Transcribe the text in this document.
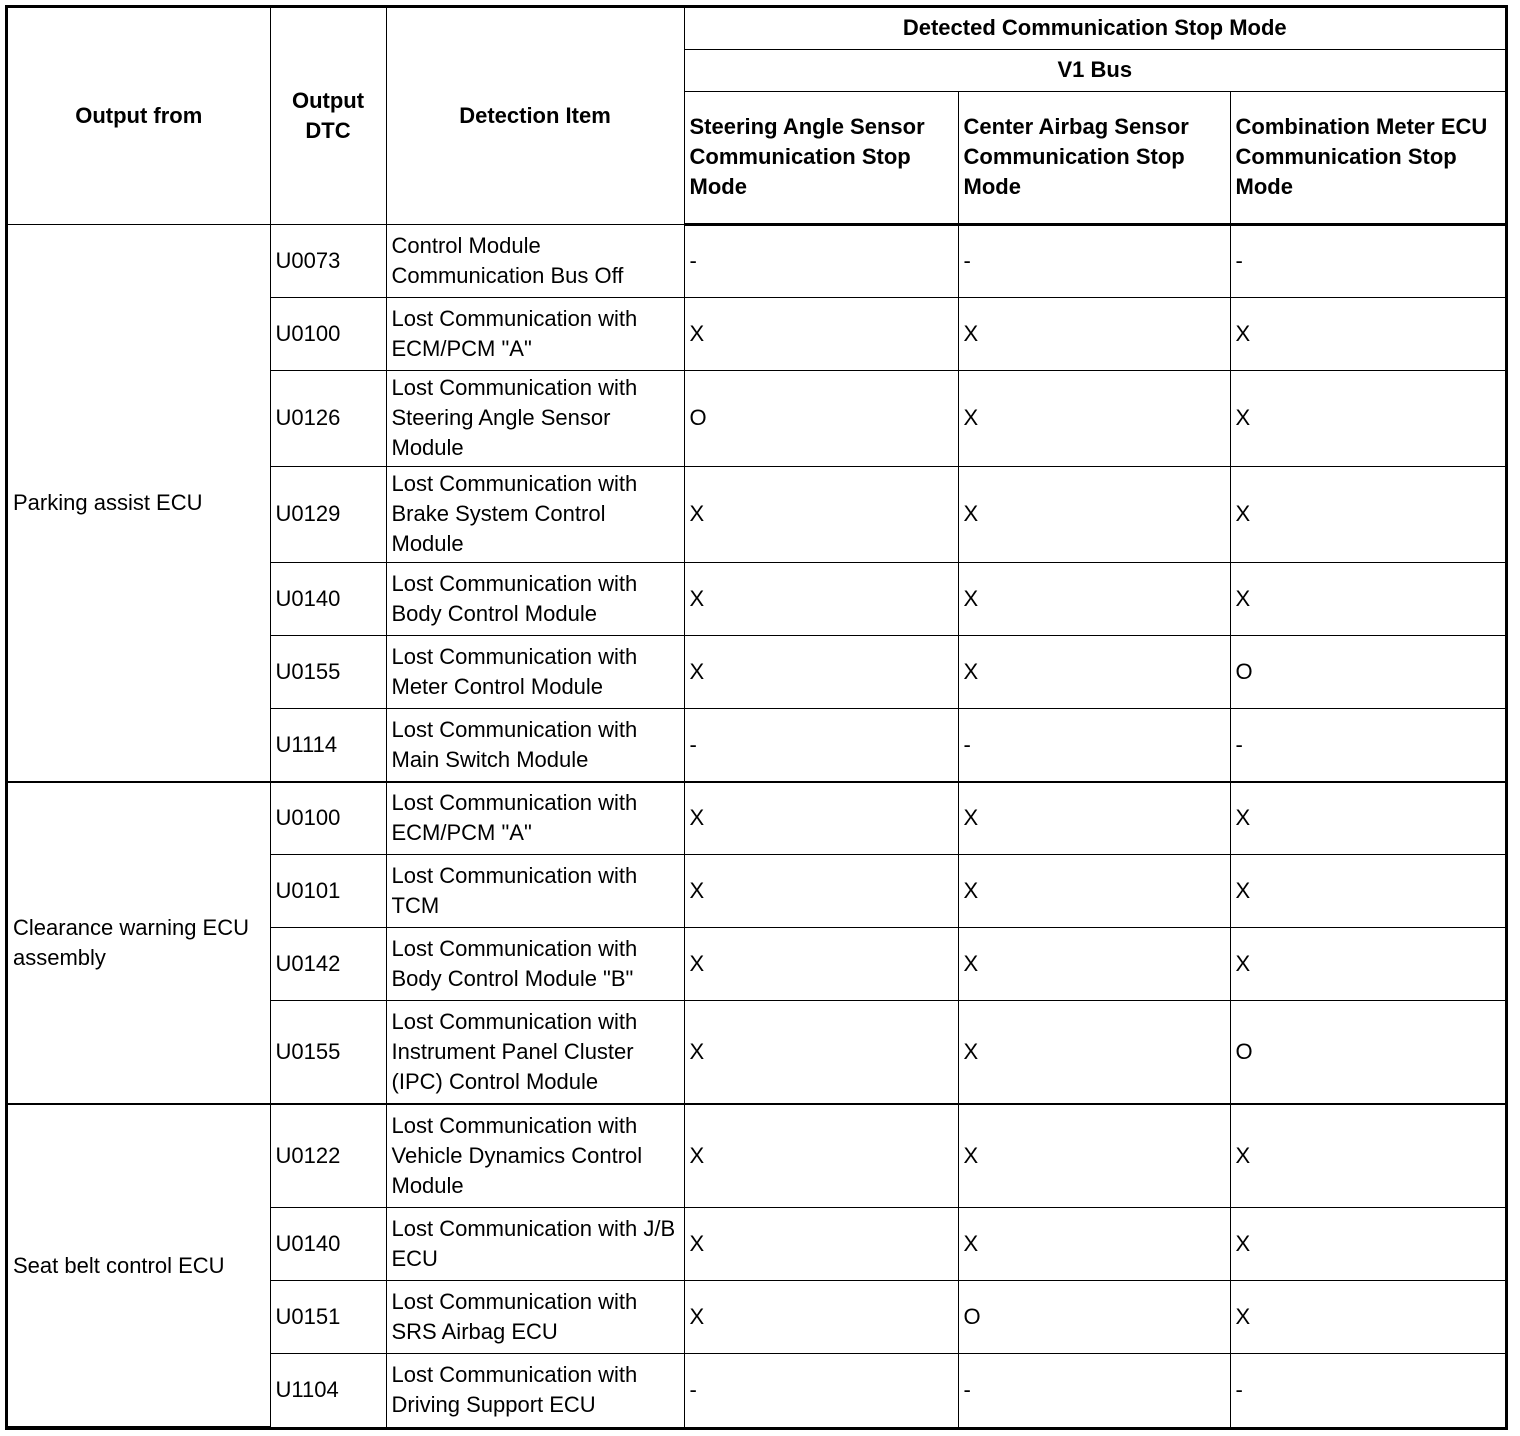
Output from	Output DTC	Detection Item	Detected Communication Stop Mode		
			V1 Bus		
			Steering Angle Sensor Communication Stop Mode	Center Airbag Sensor Communication Stop Mode	Combination Meter ECU Communication Stop Mode
Parking assist ECU	U0073	Control Module Communication Bus Off	-	-	-
	U0100	Lost Communication with ECM/PCM "A"	X	X	X
	U0126	Lost Communication with Steering Angle Sensor Module	O	X	X
	U0129	Lost Communication with Brake System Control Module	X	X	X
	U0140	Lost Communication with Body Control Module	X	X	X
	U0155	Lost Communication with Meter Control Module	X	X	O
	U1114	Lost Communication with Main Switch Module	-	-	-
Clearance warning ECU assembly	U0100	Lost Communication with ECM/PCM "A"	X	X	X
	U0101	Lost Communication with TCM	X	X	X
	U0142	Lost Communication with Body Control Module "B"	X	X	X
	U0155	Lost Communication with Instrument Panel Cluster (IPC) Control Module	X	X	O
Seat belt control ECU	U0122	Lost Communication with Vehicle Dynamics Control Module	X	X	X
	U0140	Lost Communication with J/B ECU	X	X	X
	U0151	Lost Communication with SRS Airbag ECU	X	O	X
	U1104	Lost Communication with Driving Support ECU	-	-	-
